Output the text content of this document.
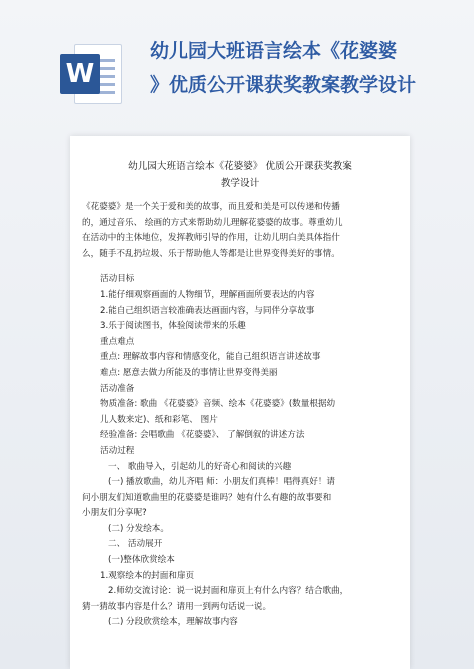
W
幼儿园大班语言绘本《花婆婆
》优质公开课获奖教案教学设计
幼儿园大班语言绘本《花婆婆》 优质公开课获奖教案
教学设计
《花婆婆》是一个关于爱和美的故事，而且爱和美是可以传递和传播
的，通过音乐、 绘画的方式来帮助幼儿理解花婆婆的故事。尊重幼儿
在活动中的主体地位，发挥教师引导的作用，让幼儿明白美具体指什
么，随手不乱扔垃圾、乐于帮助他人等都是让世界变得美好的事情。
活动目标
1.能仔细观察画面的人物细节，理解画面所要表达的内容
2.能自己组织语言较准确表达画面内容，与同伴分享故事
3.乐于阅读图书，体验阅读带来的乐趣
重点难点
重点: 理解故事内容和情感变化，能自己组织语言讲述故事
难点: 愿意去做力所能及的事情让世界变得美丽
活动准备
物质准备: 歌曲 《花婆婆》音频、绘本《花婆婆》(数量根据幼
儿人数来定)、纸和彩笔、 图片
经验准备: 会唱歌曲 《花婆婆》、 了解倒叙的讲述方法
活动过程
一、 歌曲导入，引起幼儿的好奇心和阅读的兴趣
(一) 播放歌曲，幼儿齐唱 师：小朋友们真棒！唱得真好！请
问小朋友们知道歌曲里的花婆婆是谁吗？她有什么有趣的故事要和
小朋友们分享呢?
(二) 分发绘本。
二、 活动展开
(一)整体欣赏绘本
1.观察绘本的封面和扉页
2.师幼交流讨论：说一说封面和扉页上有什么内容？结合歌曲，
猜一猜故事内容是什么？请用一到两句话说一说。
(二) 分段欣赏绘本，理解故事内容
